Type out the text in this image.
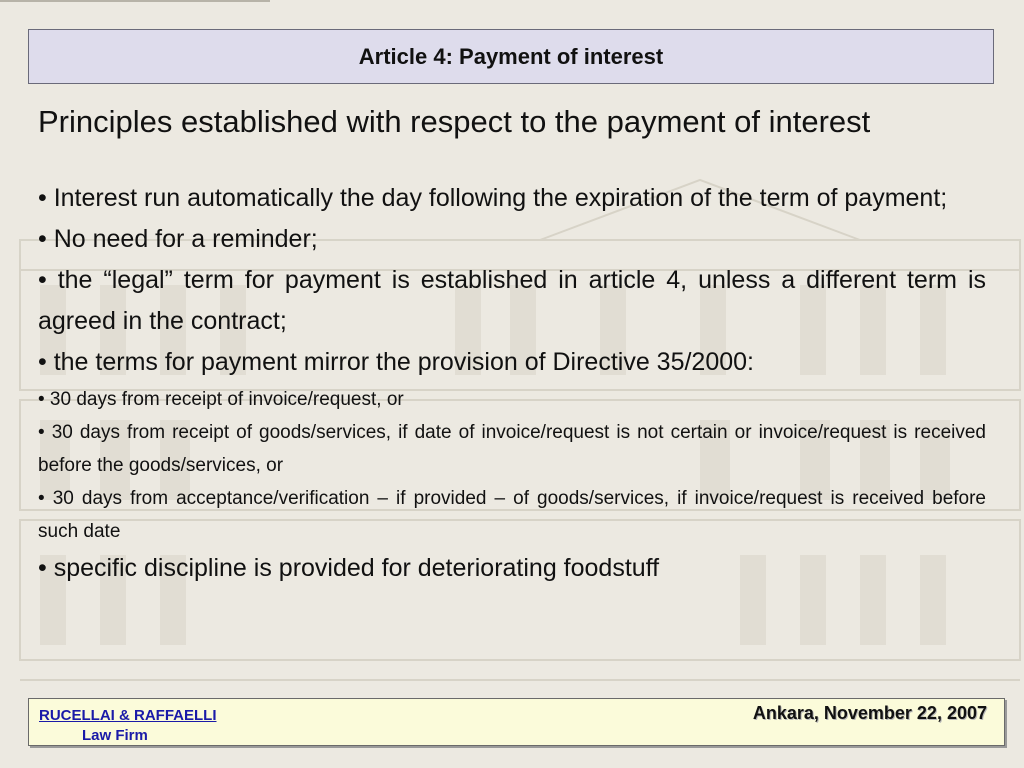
Article 4: Payment of interest
Principles established with respect to the payment of interest

• Interest run automatically the day following the expiration of the term of payment;

• No need for a reminder;

• the “legal” term for payment is established in article 4, unless a different term is agreed in the contract;

• the terms for payment mirror the provision of Directive 35/2000:

• 30 days from receipt of invoice/request, or

• 30 days from receipt of goods/services, if date of invoice/request is not certain or invoice/request is received before the goods/services, or

• 30 days from acceptance/verification – if provided – of goods/services, if invoice/request is received before such date

• specific discipline is provided for deteriorating foodstuff

RUCELLAI & RAFFAELLI
Law Firm
Ankara, November 22, 2007
